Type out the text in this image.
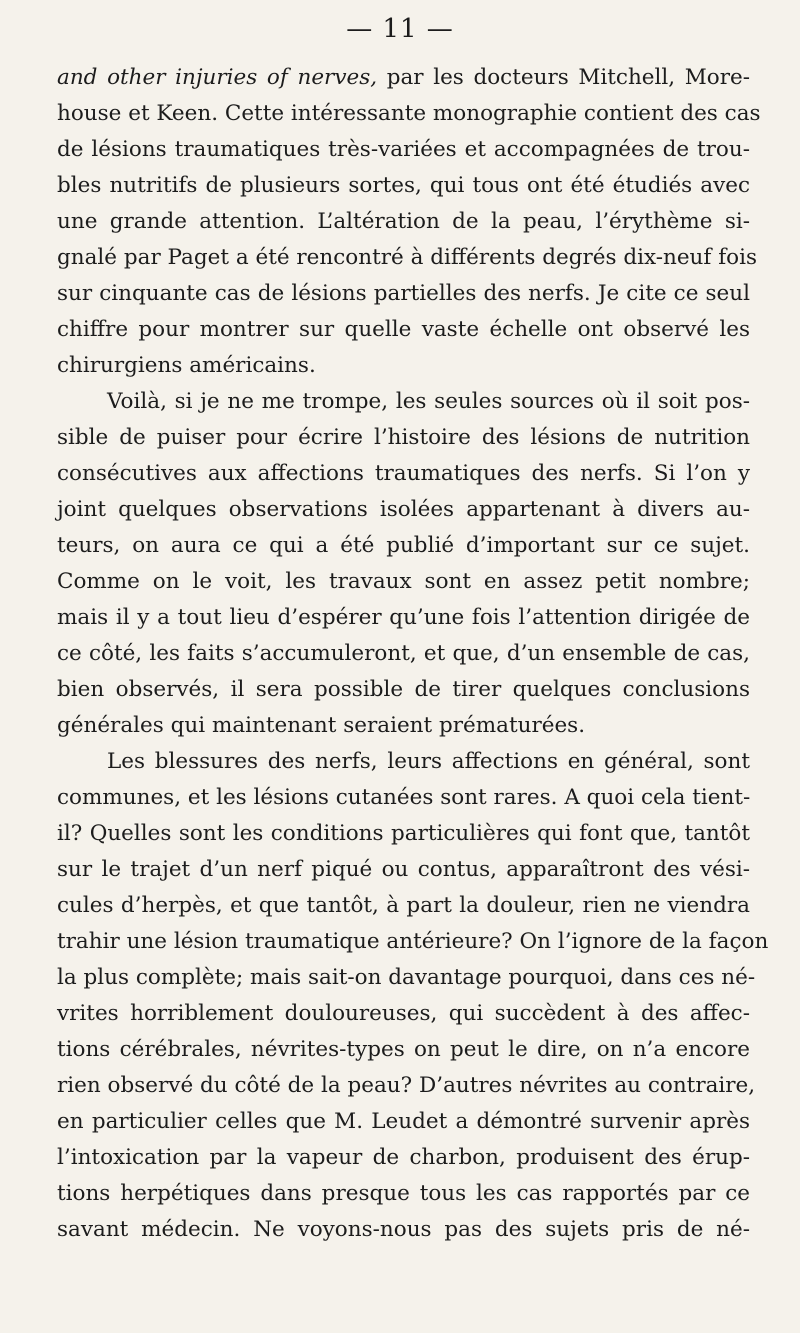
— 11 —
and other injuries of nerves, par les docteurs Mitchell, More-
house et Keen. Cette intéressante monographie contient des cas
de lésions traumatiques très-variées et accompagnées de trou-
bles nutritifs de plusieurs sortes, qui tous ont été étudiés avec
une grande attention. L’altération de la peau, l’érythème si-
gnalé par Paget a été rencontré à différents degrés dix-neuf fois
sur cinquante cas de lésions partielles des nerfs. Je cite ce seul
chiffre pour montrer sur quelle vaste échelle ont observé les
chirurgiens américains.
Voilà, si je ne me trompe, les seules sources où il soit pos-
sible de puiser pour écrire l’histoire des lésions de nutrition
consécutives aux affections traumatiques des nerfs. Si l’on y
joint quelques observations isolées appartenant à divers au-
teurs, on aura ce qui a été publié d’important sur ce sujet.
Comme on le voit, les travaux sont en assez petit nombre;
mais il y a tout lieu d’espérer qu’une fois l’attention dirigée de
ce côté, les faits s’accumuleront, et que, d’un ensemble de cas,
bien observés, il sera possible de tirer quelques conclusions
générales qui maintenant seraient prématurées.
Les blessures des nerfs, leurs affections en général, sont
communes, et les lésions cutanées sont rares. A quoi cela tient-
il? Quelles sont les conditions particulières qui font que, tantôt
sur le trajet d’un nerf piqué ou contus, apparaîtront des vési-
cules d’herpès, et que tantôt, à part la douleur, rien ne viendra
trahir une lésion traumatique antérieure? On l’ignore de la façon
la plus complète; mais sait-on davantage pourquoi, dans ces né-
vrites horriblement douloureuses, qui succèdent à des affec-
tions cérébrales, névrites-types on peut le dire, on n’a encore
rien observé du côté de la peau? D’autres névrites au contraire,
en particulier celles que M. Leudet a démontré survenir après
l’intoxication par la vapeur de charbon, produisent des érup-
tions herpétiques dans presque tous les cas rapportés par ce
savant médecin. Ne voyons-nous pas des sujets pris de né-
